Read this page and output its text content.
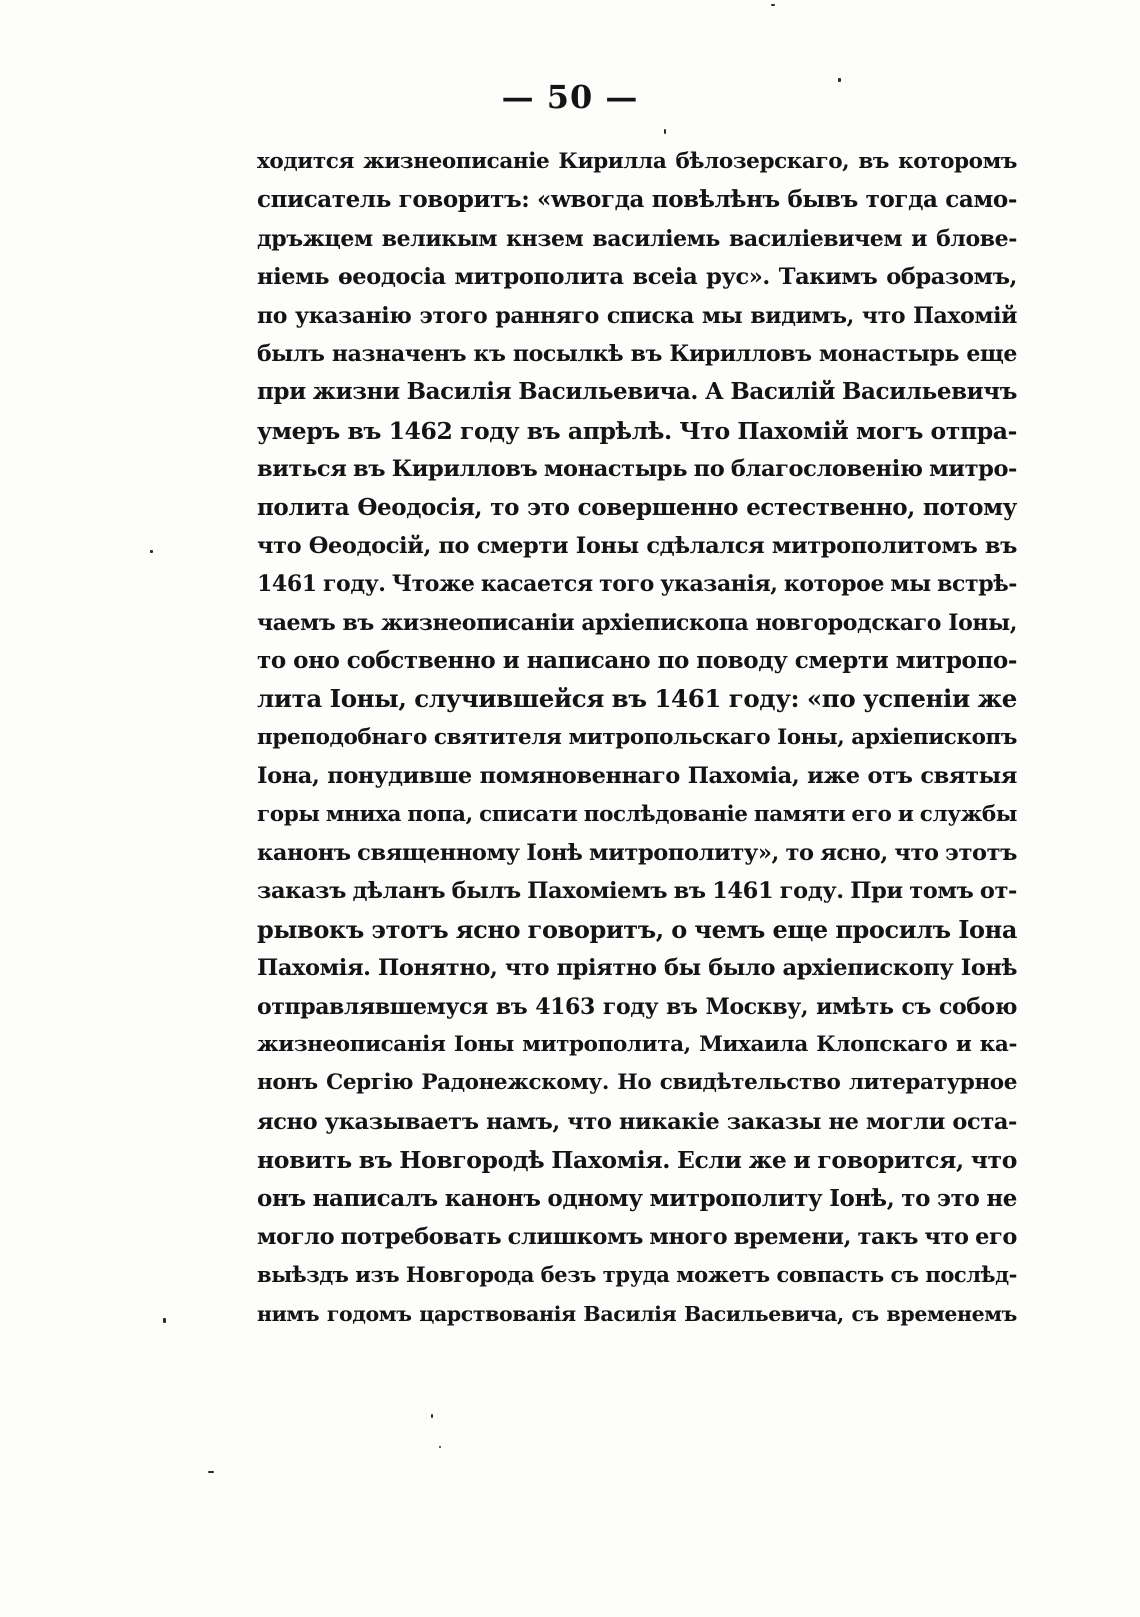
— 50 —
ходится жизнеописаніе Кирилла бѣлозерскаго, въ которомъ
списатель говоритъ: «wвогда повѣлѣнъ бывъ тогда само-
дръжцем великым кнзем василіемь василіевичем и блове-
ніемь ѳеодосіа митрополита всеіа рус». Такимъ образомъ,
по указанію этого ранняго списка мы видимъ, что Пахомій
былъ назначенъ къ посылкѣ въ Кирилловъ монастырь еще
при жизни Василія Васильевича. А Василій Васильевичъ
умеръ въ 1462 году въ апрѣлѣ. Что Пахомій могъ отпра-
виться въ Кирилловъ монастырь по благословенію митро-
полита Ѳеодосія, то это совершенно естественно, потому
что Ѳеодосій, по смерти Іоны сдѣлался митрополитомъ въ
1461 году. Чтоже касается того указанія, которое мы встрѣ-
чаемъ въ жизнеописаніи архіепископа новгородскаго Іоны,
то оно собственно и написано по поводу смерти митропо-
лита Іоны, случившейся въ 1461 году: «по успеніи же
преподобнаго святителя митропольскаго Іоны, архіепископъ
Іона, понудивше помяновеннаго Пахоміа, иже отъ святыя
горы мниха попа, списати послѣдованіе памяти его и службы
канонъ священному Іонѣ митрополиту», то ясно, что этотъ
заказъ дѣланъ былъ Пахоміемъ въ 1461 году. При томъ от-
рывокъ этотъ ясно говоритъ, о чемъ еще просилъ Іона
Пахомія. Понятно, что пріятно бы было архіепископу Іонѣ
отправлявшемуся въ 4163 году въ Москву, имѣть съ собою
жизнеописанія Іоны митрополита, Михаила Клопскаго и ка-
нонъ Сергію Радонежскому. Но свидѣтельство литературное
ясно указываетъ намъ, что никакіе заказы не могли оста-
новить въ Новгородѣ Пахомія. Если же и говорится, что
онъ написалъ канонъ одному митрополиту Іонѣ, то это не
могло потребовать слишкомъ много времени, такъ что его
выѣздъ изъ Новгорода безъ труда можетъ совпасть съ послѣд-
нимъ годомъ царствованія Василія Васильевича, съ временемъ
